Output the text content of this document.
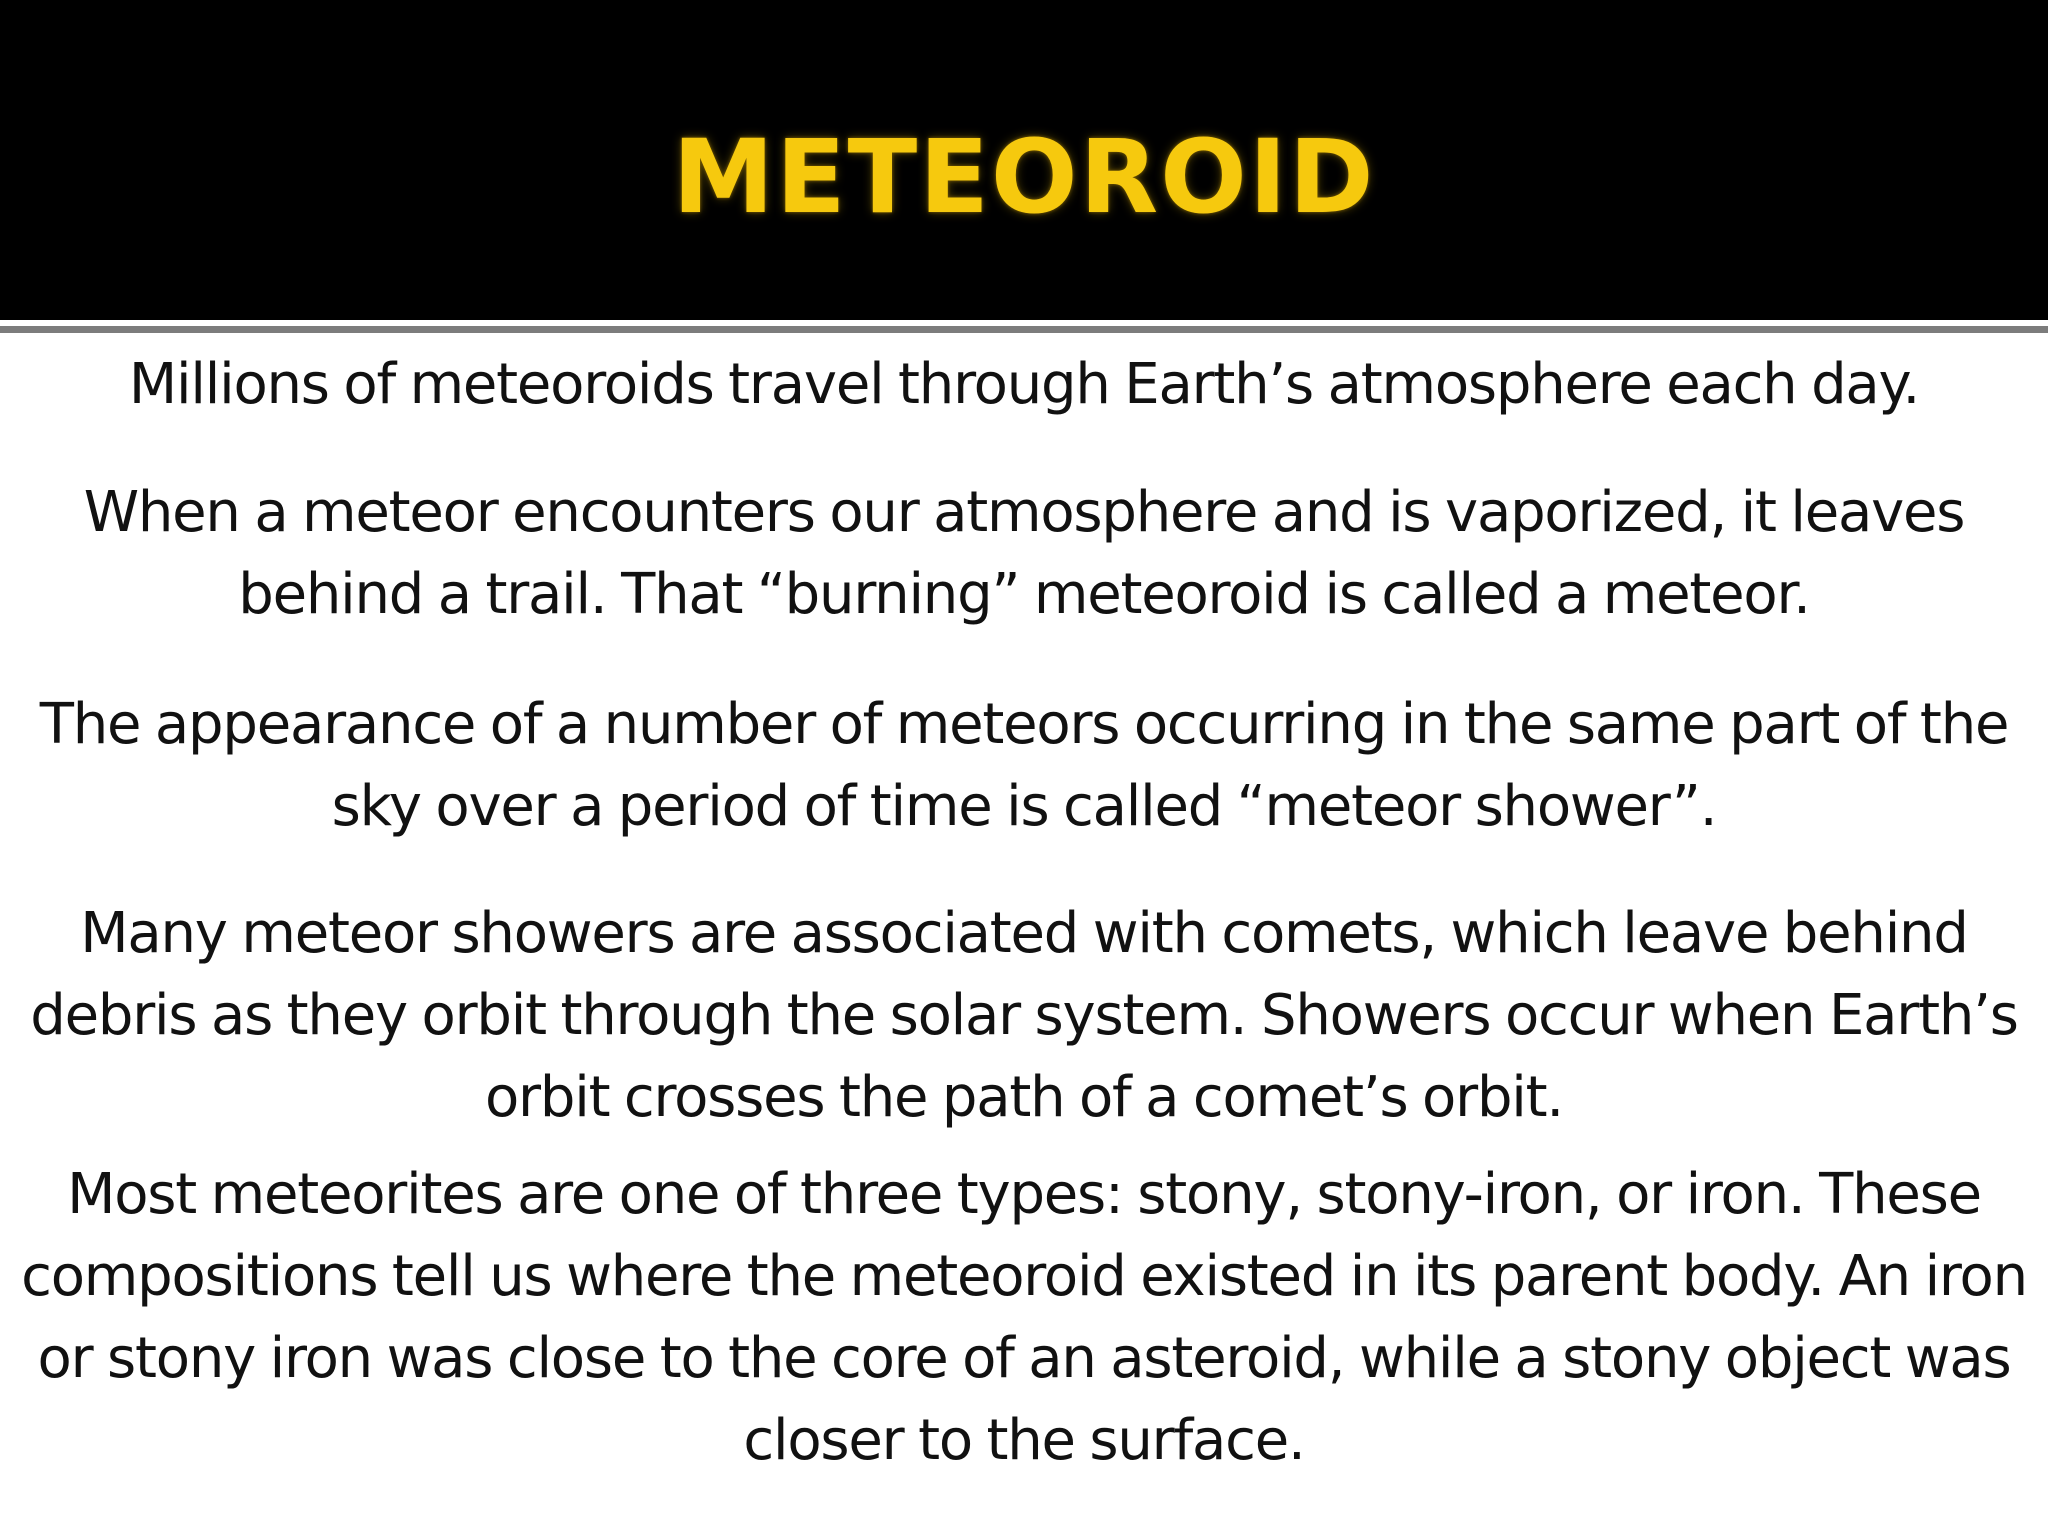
METEOROID

Millions of meteoroids travel through Earth’s atmosphere each day.

When a meteor encounters our atmosphere and is vaporized, it leaves behind a trail. That “burning” meteoroid is called a meteor.

The appearance of a number of meteors occurring in the same part of the sky over a period of time is called “meteor shower”.

Many meteor showers are associated with comets, which leave behind debris as they orbit through the solar system. Showers occur when Earth’s orbit crosses the path of a comet’s orbit.

Most meteorites are one of three types: stony, stony-iron, or iron. These compositions tell us where the meteoroid existed in its parent body. An iron or stony iron was close to the core of an asteroid, while a stony object was closer to the surface.
